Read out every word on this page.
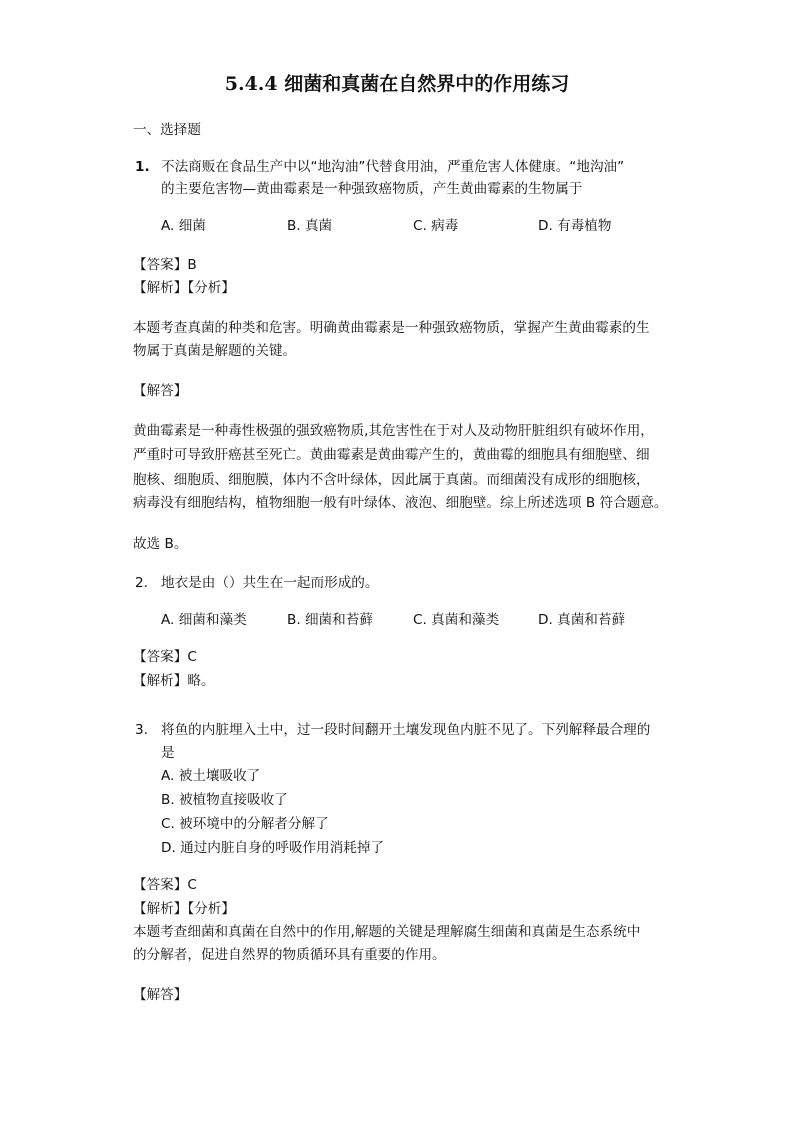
5.4.4 细菌和真菌在自然界中的作用练习
一、选择题
1. 不法商贩在食品生产中以“地沟油”代替食用油，严重危害人体健康。“地沟油”
的主要危害物—黄曲霉素是一种强致癌物质，产生黄曲霉素的生物属于
A. 细菌	B. 真菌	C. 病毒	D. 有毒植物
【答案】B
【解析】【分析】
本题考查真菌的种类和危害。明确黄曲霉素是一种强致癌物质，掌握产生黄曲霉素的生
物属于真菌是解题的关键。
【解答】
黄曲霉素是一种毒性极强的强致癌物质,其危害性在于对人及动物肝脏组织有破坏作用，
严重时可导致肝癌甚至死亡。黄曲霉素是黄曲霉产生的，黄曲霉的细胞具有细胞壁、细
胞核、细胞质、细胞膜，体内不含叶绿体，因此属于真菌。而细菌没有成形的细胞核，
病毒没有细胞结构，植物细胞一般有叶绿体、液泡、细胞壁。综上所述选项 B 符合题意。
故选 B。
2. 地衣是由（）共生在一起而形成的。
A. 细菌和藻类	B. 细菌和苔藓	C. 真菌和藻类	D. 真菌和苔藓
【答案】C
【解析】略。
3. 将鱼的内脏埋入土中，过一段时间翻开土壤发现鱼内脏不见了。下列解释最合理的
是
A. 被土壤吸收了
B. 被植物直接吸收了
C. 被环境中的分解者分解了
D. 通过内脏自身的呼吸作用消耗掉了
【答案】C
【解析】【分析】
本题考查细菌和真菌在自然中的作用,解题的关键是理解腐生细菌和真菌是生态系统中
的分解者，促进自然界的物质循环具有重要的作用。
【解答】
